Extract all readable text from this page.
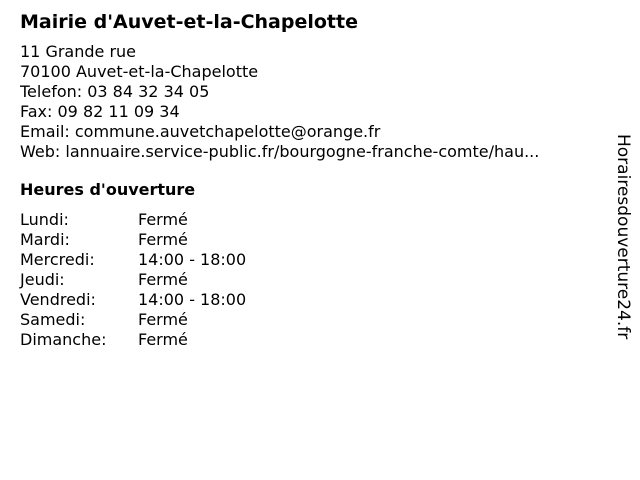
Mairie d'Auvet-et-la-Chapelotte
11 Grande rue
70100 Auvet-et-la-Chapelotte
Telefon: 03 84 32 34 05
Fax: 09 82 11 09 34
Email: commune.auvetchapelotte@orange.fr
Web: lannuaire.service-public.fr/bourgogne-franche-comte/hau...
Heures d'ouverture
Lundi:	Fermé
Mardi:	Fermé
Mercredi:	14:00 - 18:00
Jeudi:	Fermé
Vendredi:	14:00 - 18:00
Samedi:	Fermé
Dimanche:	Fermé
Horairesdouverture24.fr
